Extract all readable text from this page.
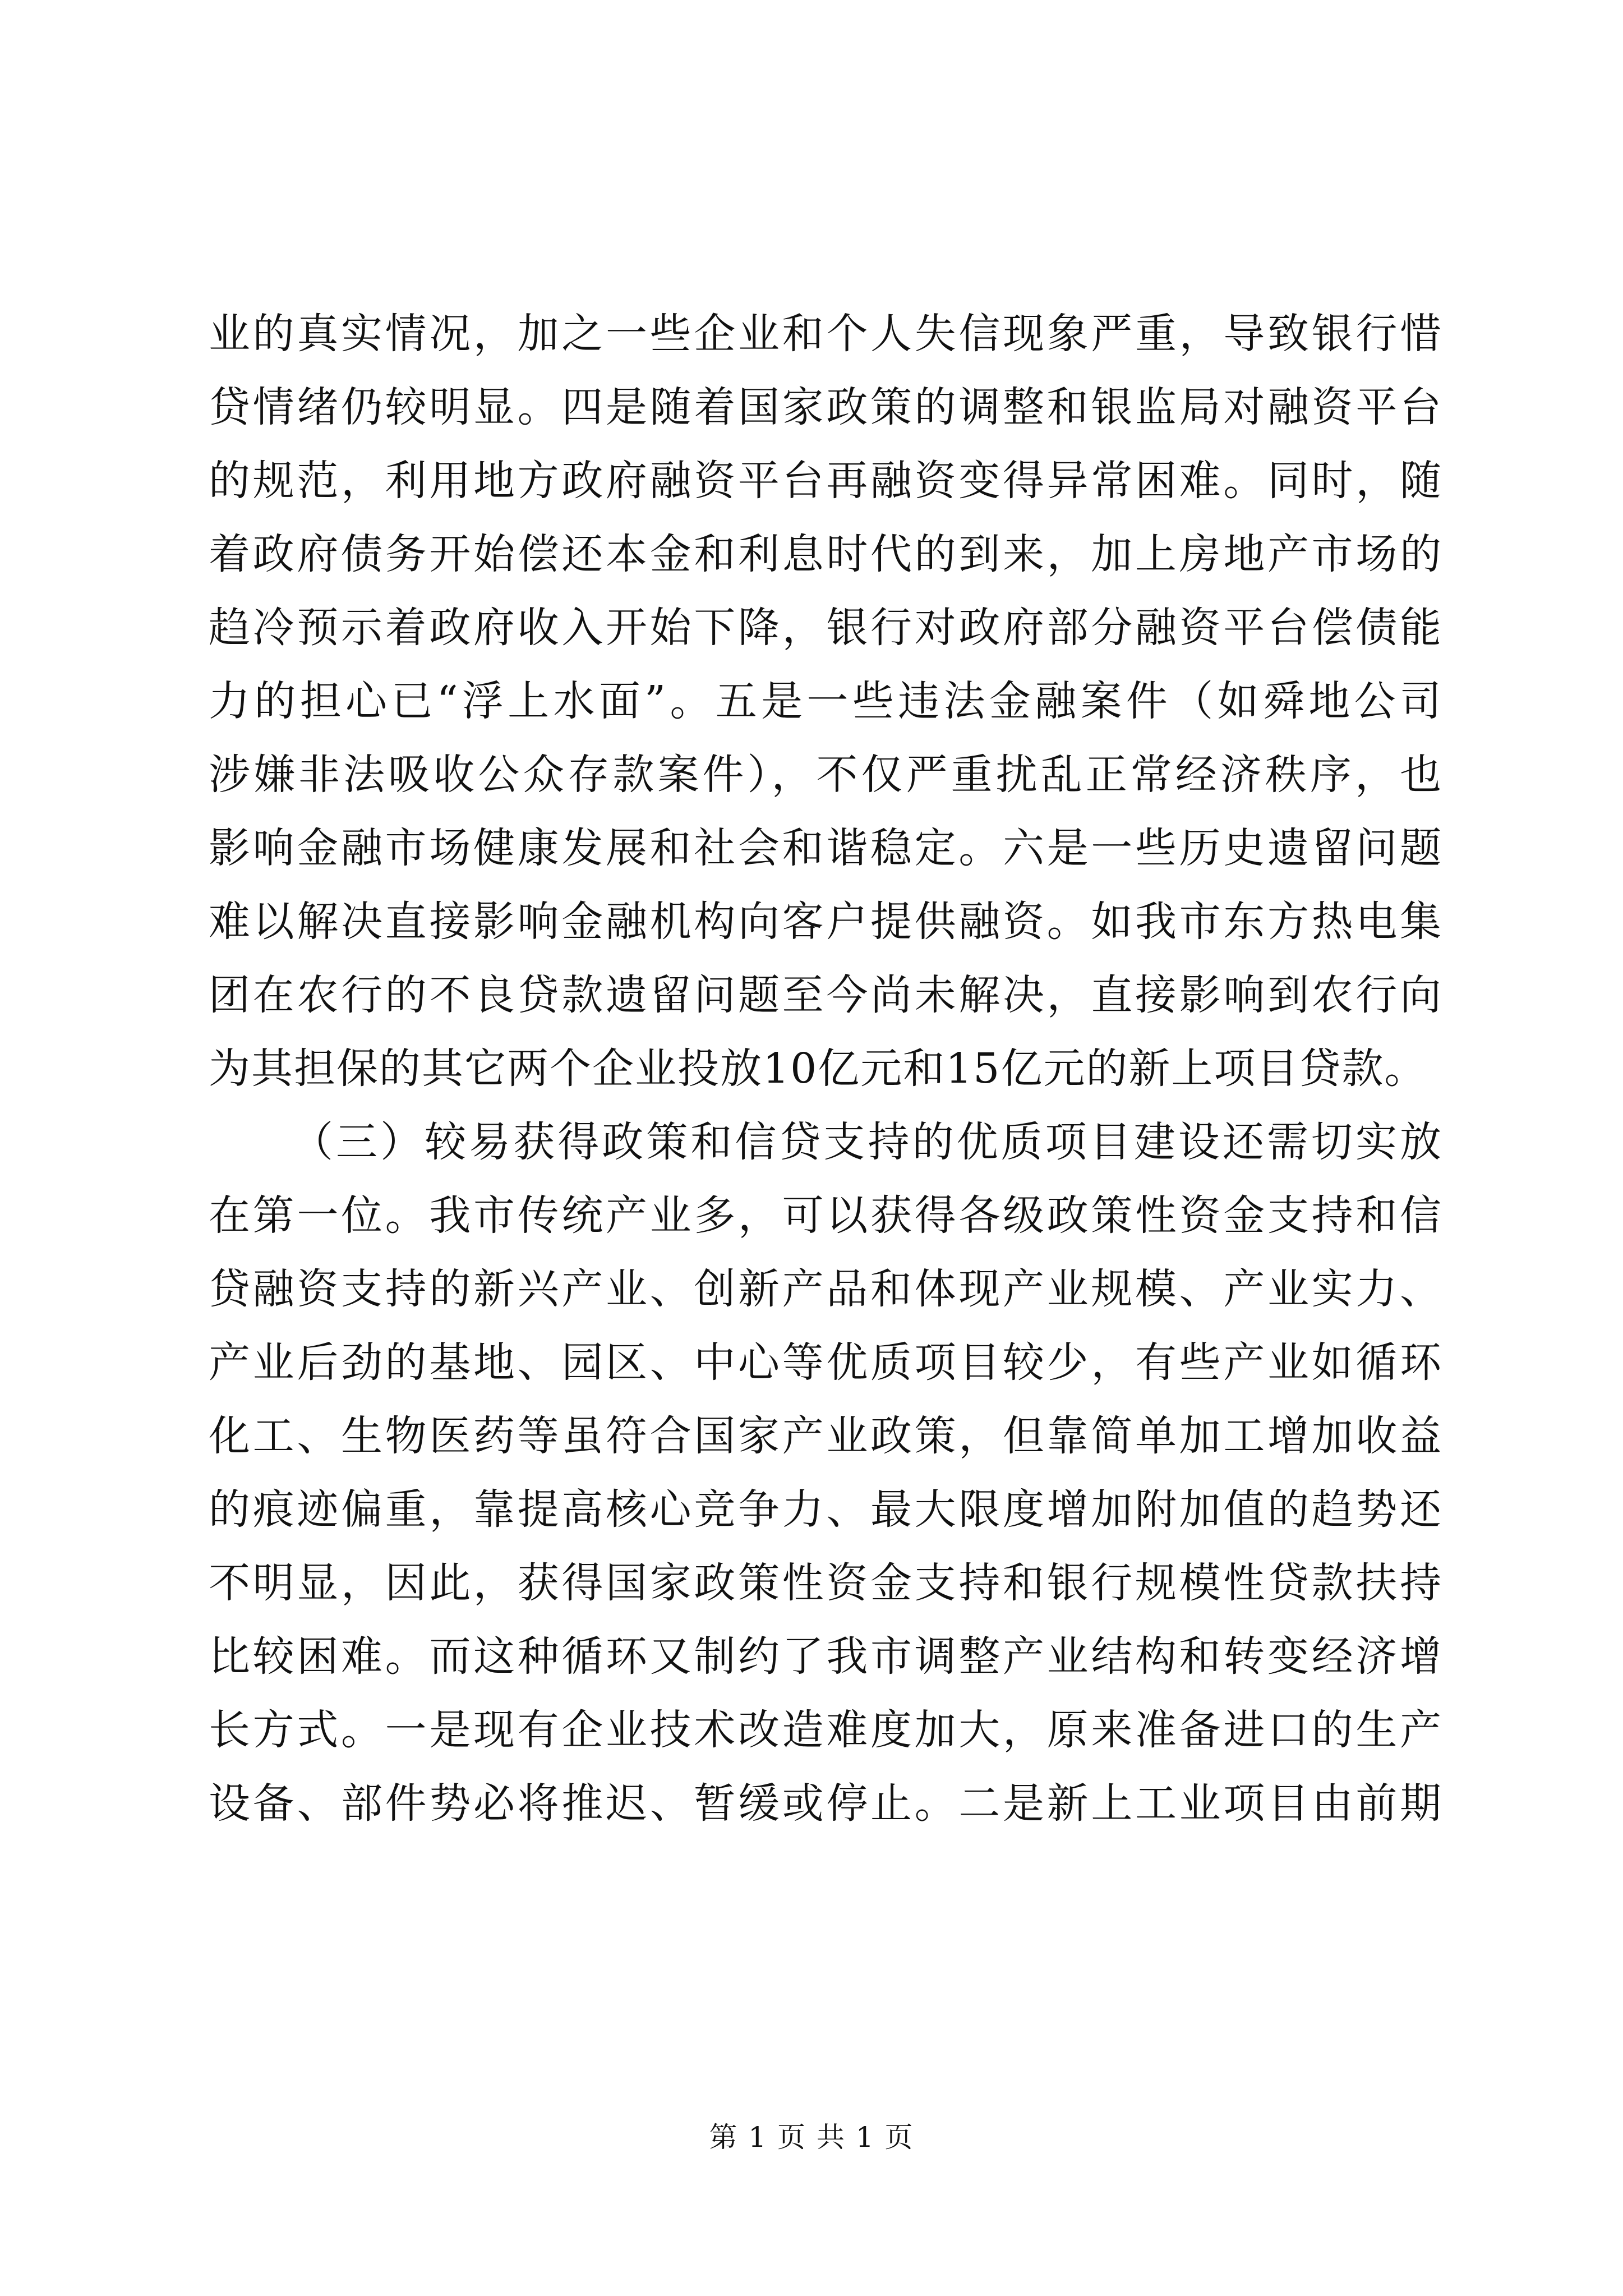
业的真实情况，加之一些企业和个人失信现象严重，导致银行惜
贷情绪仍较明显。四是随着国家政策的调整和银监局对融资平台
的规范，利用地方政府融资平台再融资变得异常困难。同时，随
着政府债务开始偿还本金和利息时代的到来，加上房地产市场的
趋冷预示着政府收入开始下降，银行对政府部分融资平台偿债能
力的担心已“浮上水面”。五是一些违法金融案件（如舜地公司
涉嫌非法吸收公众存款案件），不仅严重扰乱正常经济秩序，也
影响金融市场健康发展和社会和谐稳定。六是一些历史遗留问题
难以解决直接影响金融机构向客户提供融资。如我市东方热电集
团在农行的不良贷款遗留问题至今尚未解决，直接影响到农行向
为其担保的其它两个企业投放10亿元和15亿元的新上项目贷款。

（三）较易获得政策和信贷支持的优质项目建设还需切实放
在第一位。我市传统产业多，可以获得各级政策性资金支持和信
贷融资支持的新兴产业、创新产品和体现产业规模、产业实力、
产业后劲的基地、园区、中心等优质项目较少，有些产业如循环
化工、生物医药等虽符合国家产业政策，但靠简单加工增加收益
的痕迹偏重，靠提高核心竞争力、最大限度增加附加值的趋势还
不明显，因此，获得国家政策性资金支持和银行规模性贷款扶持
比较困难。而这种循环又制约了我市调整产业结构和转变经济增
长方式。一是现有企业技术改造难度加大，原来准备进口的生产
设备、部件势必将推迟、暂缓或停止。二是新上工业项目由前期

第 1 页 共 1 页
